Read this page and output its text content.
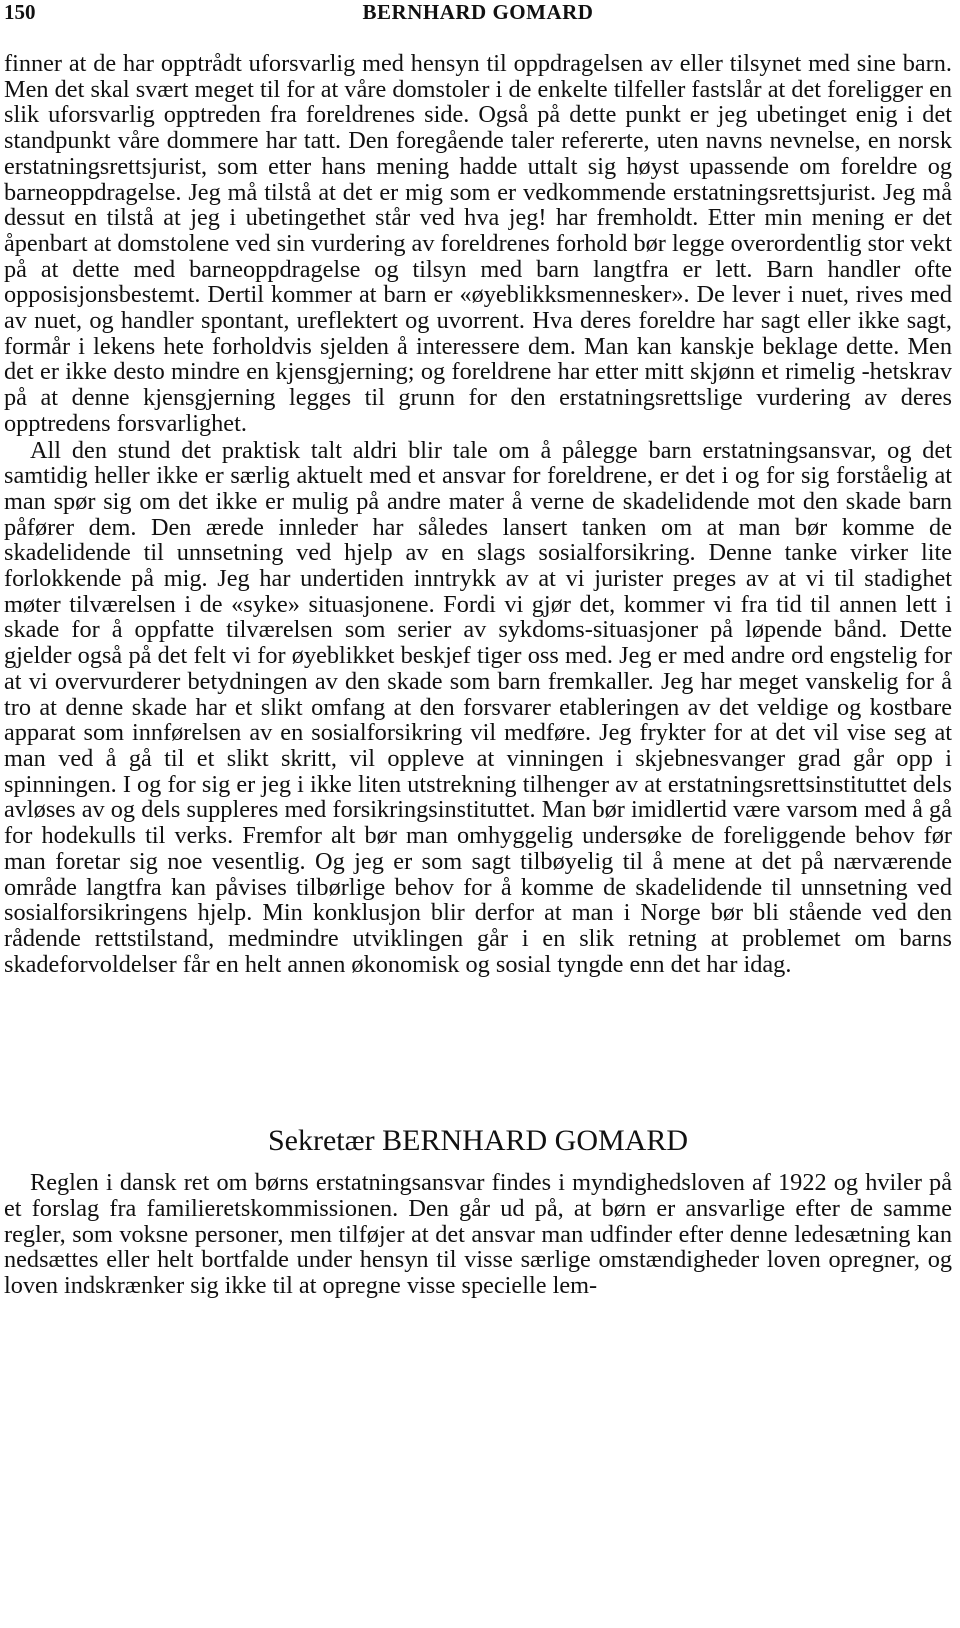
150	BERNHARD GOMARD

finner at de har opptrådt uforsvarlig med hensyn til oppdragelsen av eller tilsynet med sine barn. Men det skal svært meget til for at våre domstoler i de enkelte tilfeller fastslår at det foreligger en slik uforsvarlig opptreden fra foreldrenes side. Også på dette punkt er jeg ubetinget enig i det standpunkt våre dommere har tatt. Den foregående taler refererte, uten navns nevnelse, en norsk erstatningsrettsjurist, som etter hans mening hadde uttalt sig høyst upassende om foreldre og barneoppdragelse. Jeg må tilstå at det er mig som er vedkommende erstatningsrettsjurist. Jeg må dessut en tilstå at jeg i ubetingethet står ved hva jeg! har fremholdt. Etter min mening er det åpenbart at domstolene ved sin vurdering av foreldrenes forhold bør legge overordentlig stor vekt på at dette med barneoppdragelse og tilsyn med barn langtfra er lett. Barn handler ofte opposisjonsbestemt. Dertil kommer at barn er «øyeblikksmennesker». De lever i nuet, rives med av nuet, og handler spontant, ureflektert og uvorrent. Hva deres foreldre har sagt eller ikke sagt, formår i lekens hete forholdvis sjelden å interessere dem. Man kan kanskje beklage dette. Men det er ikke desto mindre en kjensgjerning; og foreldrene har etter mitt skjønn et rimelig -hetskrav på at denne kjensgjerning legges til grunn for den erstatningsrettslige vurdering av deres opptredens forsvarlighet.

All den stund det praktisk talt aldri blir tale om å pålegge barn erstatningsansvar, og det samtidig heller ikke er særlig aktuelt med et ansvar for foreldrene, er det i og for sig forståelig at man spør sig om det ikke er mulig på andre mater å verne de skadelidende mot den skade barn påfører dem. Den ærede innleder har således lansert tanken om at man bør komme de skadelidende til unnsetning ved hjelp av en slags sosialforsikring. Denne tanke virker lite forlokkende på mig. Jeg har undertiden inntrykk av at vi jurister preges av at vi til stadighet møter tilværelsen i de «syke» situasjonene. Fordi vi gjør det, kommer vi fra tid til annen lett i skade for å oppfatte tilværelsen som serier av sykdoms-situasjoner på løpende bånd. Dette gjelder også på det felt vi for øyeblikket beskjef tiger oss med. Jeg er med andre ord engstelig for at vi overvurderer betydningen av den skade som barn fremkaller. Jeg har meget vanskelig for å tro at denne skade har et slikt omfang at den forsvarer etableringen av det veldige og kostbare apparat som innførelsen av en sosialforsikring vil medføre. Jeg frykter for at det vil vise seg at man ved å gå til et slikt skritt, vil oppleve at vinningen i skjebnesvanger grad går opp i spinningen. I og for sig er jeg i ikke liten utstrekning tilhenger av at erstatningsrettsinstituttet dels avløses av og dels suppleres med forsikringsinstituttet. Man bør imidlertid være varsom med å gå for hodekulls til verks. Fremfor alt bør man omhyggelig undersøke de foreliggende behov før man foretar sig noe vesentlig. Og jeg er som sagt tilbøyelig til å mene at det på nærværende område langtfra kan påvises tilbørlige behov for å komme de skadelidende til unnsetning ved sosialforsikringens hjelp. Min konklusjon blir derfor at man i Norge bør bli stående ved den rådende rettstilstand, medmindre utviklingen går i en slik retning at problemet om barns skadeforvoldelser får en helt annen økonomisk og sosial tyngde enn det har idag.

Sekretær BERNHARD GOMARD

Reglen i dansk ret om børns erstatningsansvar findes i myndighedsloven af 1922 og hviler på et forslag fra familieretskommissionen. Den går ud på, at børn er ansvarlige efter de samme regler, som voksne personer, men tilføjer at det ansvar man udfinder efter denne ledesætning kan nedsættes eller helt bortfalde under hensyn til visse særlige omstændigheder loven opregner, og loven indskrænker sig ikke til at opregne visse specielle lem-
